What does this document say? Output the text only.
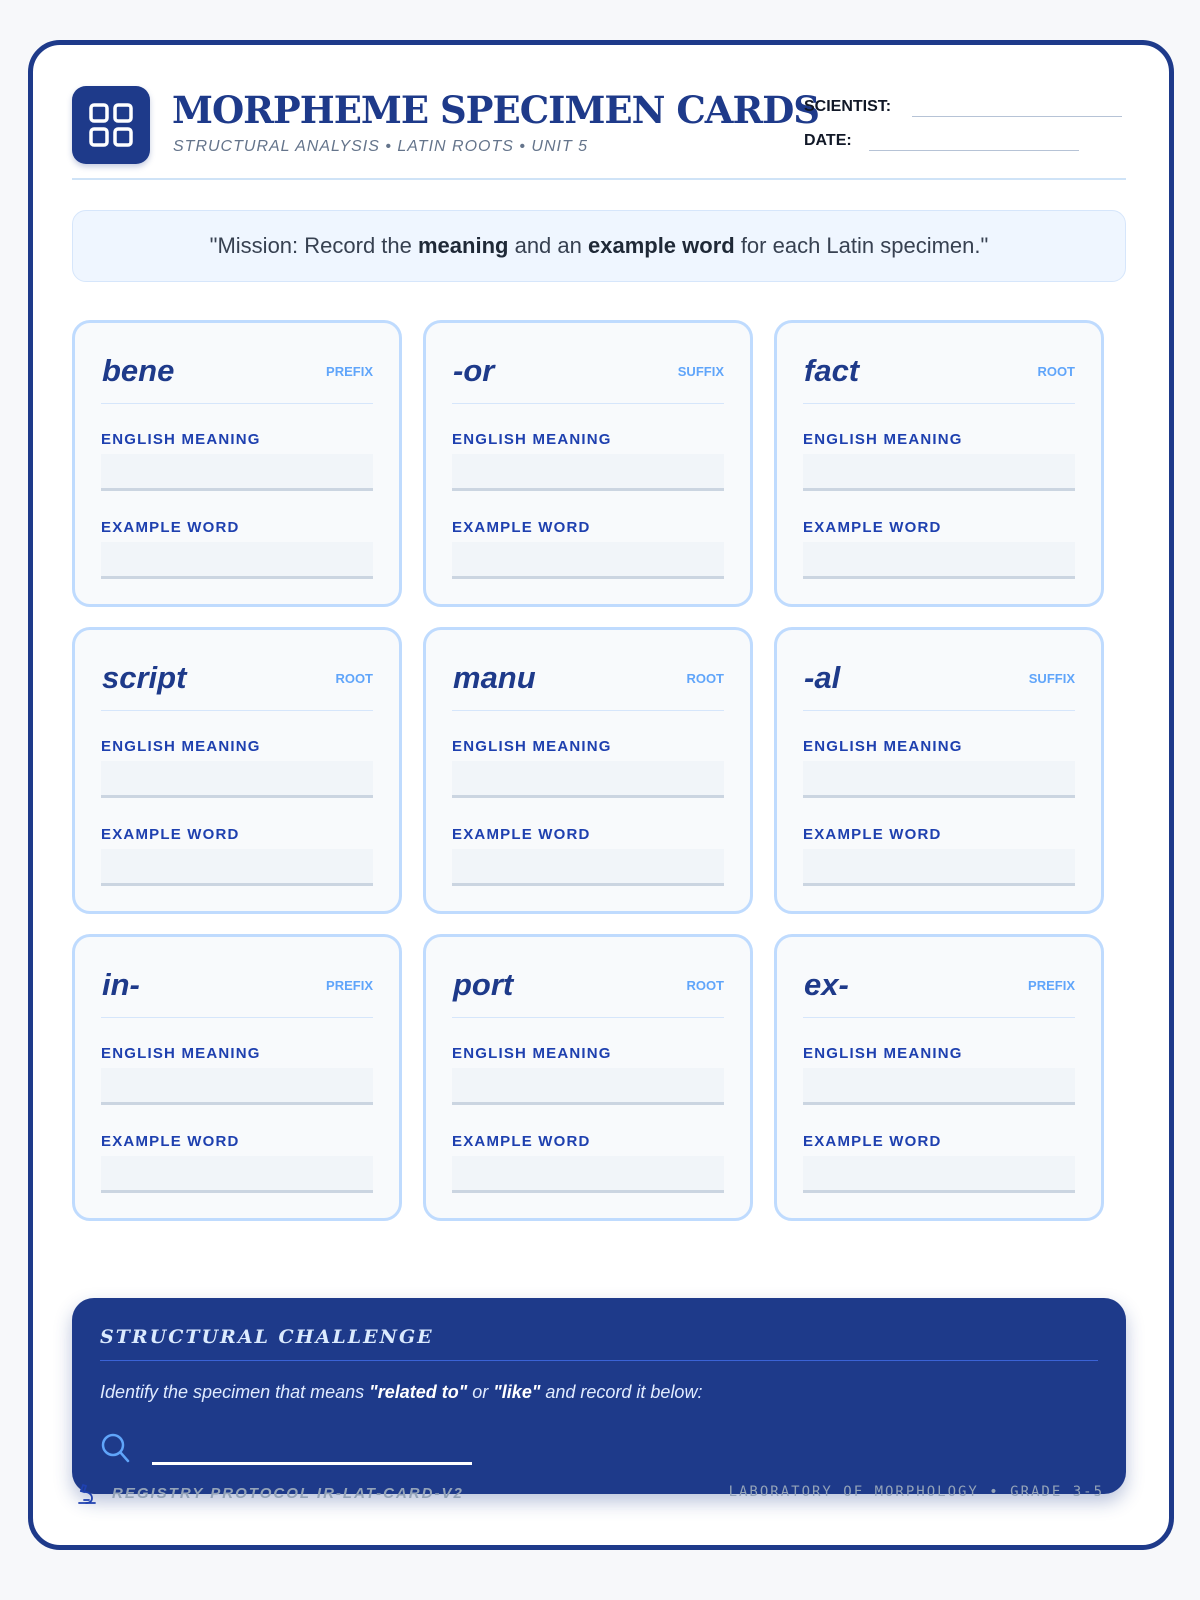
MORPHEME SPECIMEN CARDS
STRUCTURAL ANALYSIS • LATIN ROOTS • UNIT 5
SCIENTIST:
DATE:
"Mission: Record the meaning and an example word for each Latin specimen."
bene	PREFIX
ENGLISH MEANING
EXAMPLE WORD
-or	SUFFIX
ENGLISH MEANING
EXAMPLE WORD
fact	ROOT
ENGLISH MEANING
EXAMPLE WORD
script	ROOT
ENGLISH MEANING
EXAMPLE WORD
manu	ROOT
ENGLISH MEANING
EXAMPLE WORD
-al	SUFFIX
ENGLISH MEANING
EXAMPLE WORD
in-	PREFIX
ENGLISH MEANING
EXAMPLE WORD
port	ROOT
ENGLISH MEANING
EXAMPLE WORD
ex-	PREFIX
ENGLISH MEANING
EXAMPLE WORD
STRUCTURAL CHALLENGE
Identify the specimen that means "related to" or "like" and record it below:
REGISTRY PROTOCOL IR-LAT-CARD-V2	LABORATORY OF MORPHOLOGY • GRADE 3-5
